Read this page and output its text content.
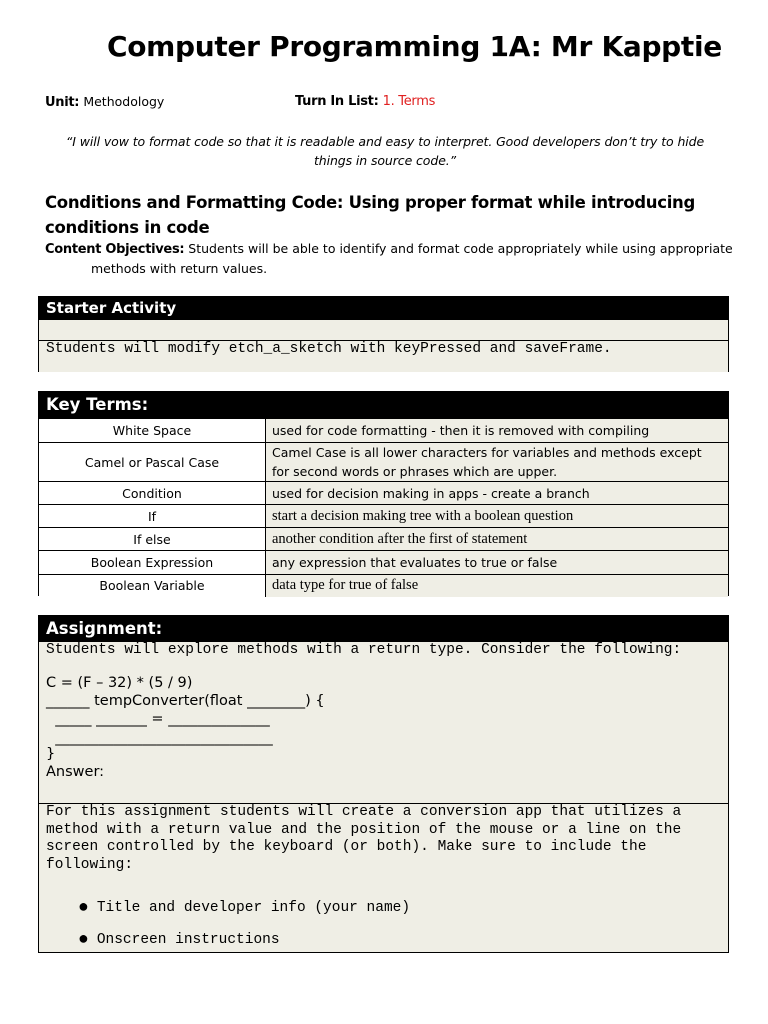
Computer Programming 1A: Mr Kapptie
Unit: Methodology	Turn In List: 1. Terms
“I will vow to format code so that it is readable and easy to interpret. Good developers don’t try to hide things in source code.”
Conditions and Formatting Code: Using proper format while introducing conditions in code
Content Objectives: Students will be able to identify and format code appropriately while using appropriate
methods with return values.
Starter Activity
Students will modify etch_a_sketch with keyPressed and saveFrame.
Key Terms:
White Space	used for code formatting - then it is removed with compiling
Camel or Pascal Case	Camel Case is all lower characters for variables and methods except for second words or phrases which are upper.
Condition	used for decision making in apps - create a branch
If	start a decision making tree with a boolean question
If else	another condition after the first of statement
Boolean Expression	any expression that evaluates to true or false
Boolean Variable	data type for true of false
Assignment:
Students will explore methods with a return type. Consider the following:
C = (F – 32) * (5 / 9)
______ tempConverter(float ________) {
_____ _______ = ______________
______________________________
}
Answer:
For this assignment students will create a conversion app that utilizes a
method with a return value and the position of the mouse or a line on the
screen controlled by the keyboard (or both). Make sure to include the
following:
● Title and developer info (your name)
● Onscreen instructions
